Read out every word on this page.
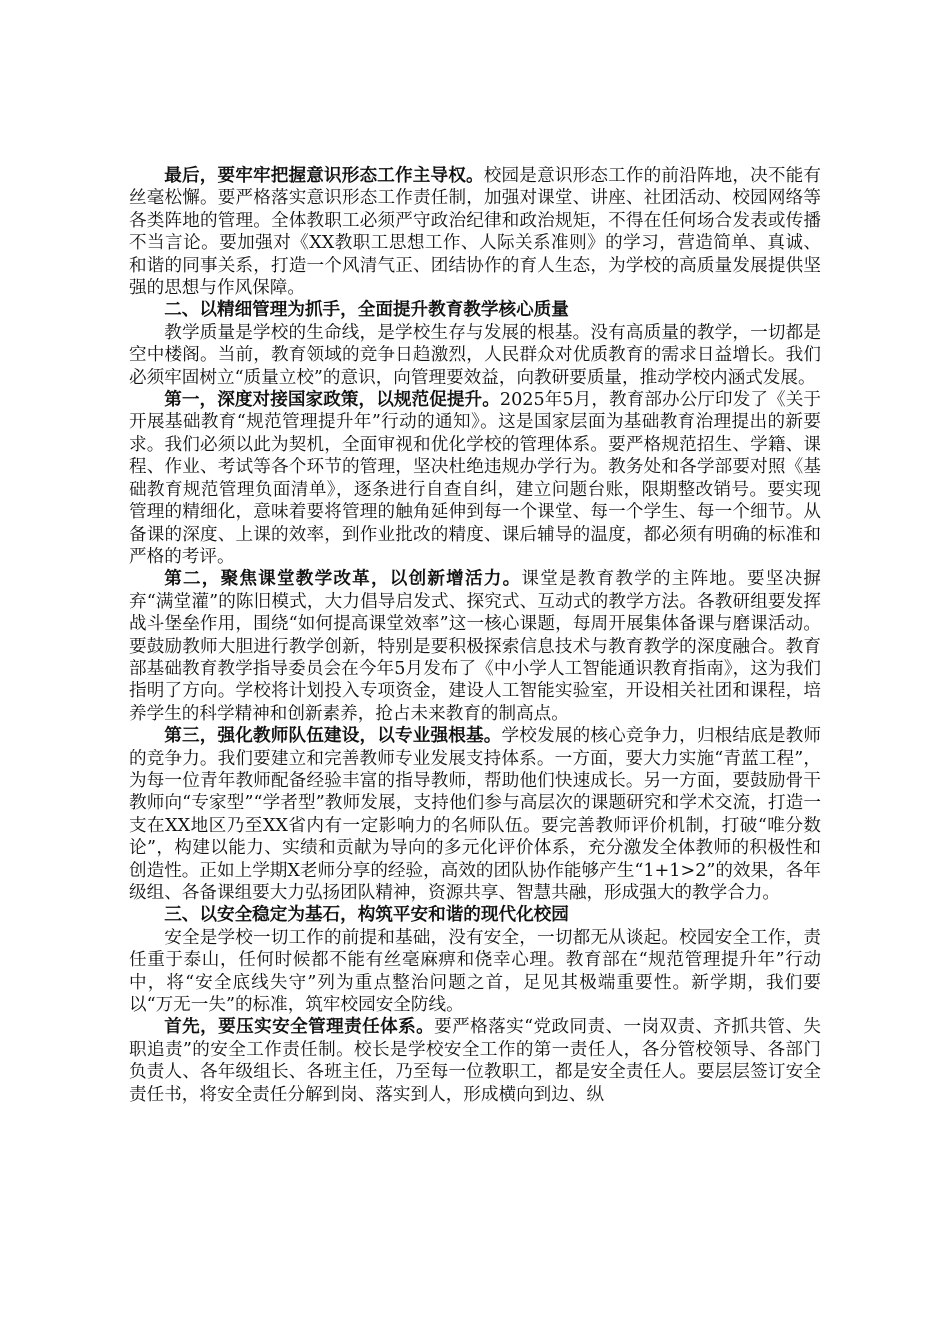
最后，要牢牢把握意识形态工作主导权。校园是意识形态工作的前沿阵地，决不能有丝毫松懈。要严格落实意识形态工作责任制，加强对课堂、讲座、社团活动、校园网络等各类阵地的管理。全体教职工必须严守政治纪律和政治规矩，不得在任何场合发表或传播不当言论。要加强对《XX教职工思想工作、人际关系准则》的学习，营造简单、真诚、和谐的同事关系，打造一个风清气正、团结协作的育人生态，为学校的高质量发展提供坚强的思想与作风保障。

二、以精细管理为抓手，全面提升教育教学核心质量

教学质量是学校的生命线，是学校生存与发展的根基。没有高质量的教学，一切都是空中楼阁。当前，教育领域的竞争日趋激烈，人民群众对优质教育的需求日益增长。我们必须牢固树立“质量立校”的意识，向管理要效益，向教研要质量，推动学校内涵式发展。

第一，深度对接国家政策，以规范促提升。2025年5月，教育部办公厅印发了《关于开展基础教育“规范管理提升年”行动的通知》。这是国家层面为基础教育治理提出的新要求。我们必须以此为契机，全面审视和优化学校的管理体系。要严格规范招生、学籍、课程、作业、考试等各个环节的管理，坚决杜绝违规办学行为。教务处和各学部要对照《基础教育规范管理负面清单》，逐条进行自查自纠，建立问题台账，限期整改销号。要实现管理的精细化，意味着要将管理的触角延伸到每一个课堂、每一个学生、每一个细节。从备课的深度、上课的效率，到作业批改的精度、课后辅导的温度，都必须有明确的标准和严格的考评。

第二，聚焦课堂教学改革，以创新增活力。课堂是教育教学的主阵地。要坚决摒弃“满堂灌”的陈旧模式，大力倡导启发式、探究式、互动式的教学方法。各教研组要发挥战斗堡垒作用，围绕“如何提高课堂效率”这一核心课题，每周开展集体备课与磨课活动。要鼓励教师大胆进行教学创新，特别是要积极探索信息技术与教育教学的深度融合。教育部基础教育教学指导委员会在今年5月发布了《中小学人工智能通识教育指南》，这为我们指明了方向。学校将计划投入专项资金，建设人工智能实验室，开设相关社团和课程，培养学生的科学精神和创新素养，抢占未来教育的制高点。

第三，强化教师队伍建设，以专业强根基。学校发展的核心竞争力，归根结底是教师的竞争力。我们要建立和完善教师专业发展支持体系。一方面，要大力实施“青蓝工程”，为每一位青年教师配备经验丰富的指导教师，帮助他们快速成长。另一方面，要鼓励骨干教师向“专家型”“学者型”教师发展，支持他们参与高层次的课题研究和学术交流，打造一支在XX地区乃至XX省内有一定影响力的名师队伍。要完善教师评价机制，打破“唯分数论”，构建以能力、实绩和贡献为导向的多元化评价体系，充分激发全体教师的积极性和创造性。正如上学期X老师分享的经验，高效的团队协作能够产生“1+1>2”的效果，各年级组、各备课组要大力弘扬团队精神，资源共享、智慧共融，形成强大的教学合力。

三、以安全稳定为基石，构筑平安和谐的现代化校园

安全是学校一切工作的前提和基础，没有安全，一切都无从谈起。校园安全工作，责任重于泰山，任何时候都不能有丝毫麻痹和侥幸心理。教育部在“规范管理提升年”行动中，将“安全底线失守”列为重点整治问题之首，足见其极端重要性。新学期，我们要以“万无一失”的标准，筑牢校园安全防线。

首先，要压实安全管理责任体系。要严格落实“党政同责、一岗双责、齐抓共管、失职追责”的安全工作责任制。校长是学校安全工作的第一责任人，各分管校领导、各部门负责人、各年级组长、各班主任，乃至每一位教职工，都是安全责任人。要层层签订安全责任书，将安全责任分解到岗、落实到人，形成横向到边、纵
